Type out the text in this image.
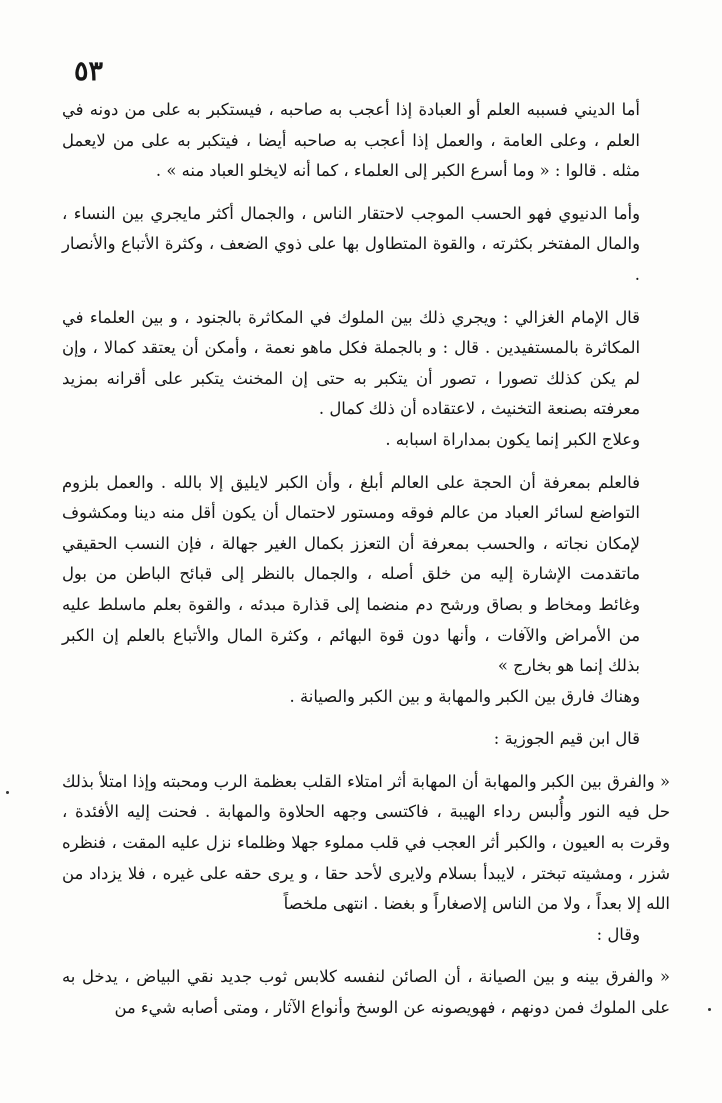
٥٣

أما الديني فسببه العلم أو العبادة إذا أعجب به صاحبه ، فيستكبر به على من دونه في العلم ، وعلى العامة ، والعمل إذا أعجب به صاحبه أيضا ، فيتكبر به على من لايعمل مثله . قالوا : « وما أسرع الكبر إلى العلماء ، كما أنه لايخلو العباد منه » .

وأما الدنيوي فهو الحسب الموجب لاحتقار الناس ، والجمال أكثر مايجري بين النساء ، والمال المفتخر بكثرته ، والقوة المتطاول بها على ذوي الضعف ، وكثرة الأتباع والأنصار .

قال الإمام الغزالي : ويجري ذلك بين الملوك في المكاثرة بالجنود ، و بين العلماء في المكاثرة بالمستفيدين . قال : و بالجملة فكل ماهو نعمة ، وأمكن أن يعتقد كمالا ، وإن لم يكن كذلك تصورا ، تصور أن يتكبر به حتى إن المخنث يتكبر على أقرانه بمزيد معرفته بصنعة التخنيث ، لاعتقاده أن ذلك كمال .

وعلاج الكبر إنما يكون بمداراة اسبابه .

فالعلم بمعرفة أن الحجة على العالم أبلغ ، وأن الكبر لايليق إلا بالله . والعمل بلزوم التواضع لسائر العباد من عالم فوقه ومستور لاحتمال أن يكون أقل منه دينا ومكشوف لإمكان نجاته ، والحسب بمعرفة أن التعزز بكمال الغير جهالة ، فإن النسب الحقيقي ماتقدمت الإشارة إليه من خلق أصله ، والجمال بالنظر إلى قبائح الباطن من بول وغائط ومخاط و بصاق ورشح دم منضما إلى قذارة مبدئه ، والقوة بعلم ماسلط عليه من الأمراض والآفات ، وأنها دون قوة البهائم ، وكثرة المال والأتباع بالعلم إن الكبر بذلك إنما هو بخارج »

وهناك فارق بين الكبر والمهابة و بين الكبر والصيانة .

قال ابن قيم الجوزية :

« والفرق بين الكبر والمهابة أن المهابة أثر امتلاء القلب بعظمة الرب ومحبته وإذا امتلأ بذلك حل فيه النور وأُلبس رداء الهيبة ، فاكتسى وجهه الحلاوة والمهابة . فحنت إليه الأفئدة ، وقرت به العيون ، والكبر أثر العجب في قلب مملوء جهلا وظلماء نزل عليه المقت ، فنظره شزر ، ومشيته تبختر ، لايبدأ بسلام ولايرى لأحد حقا ، و يرى حقه على غيره ، فلا يزداد من الله إلا بعداً ، ولا من الناس إلاصغاراً و بغضا . انتهى ملخصاً

وقال :

« والفرق بينه و بين الصيانة ، أن الصائن لنفسه كلابس ثوب جديد نقي البياض ، يدخل به على الملوك فمن دونهم ، فهويصونه عن الوسخ وأنواع الآثار ، ومتى أصابه شيء من
